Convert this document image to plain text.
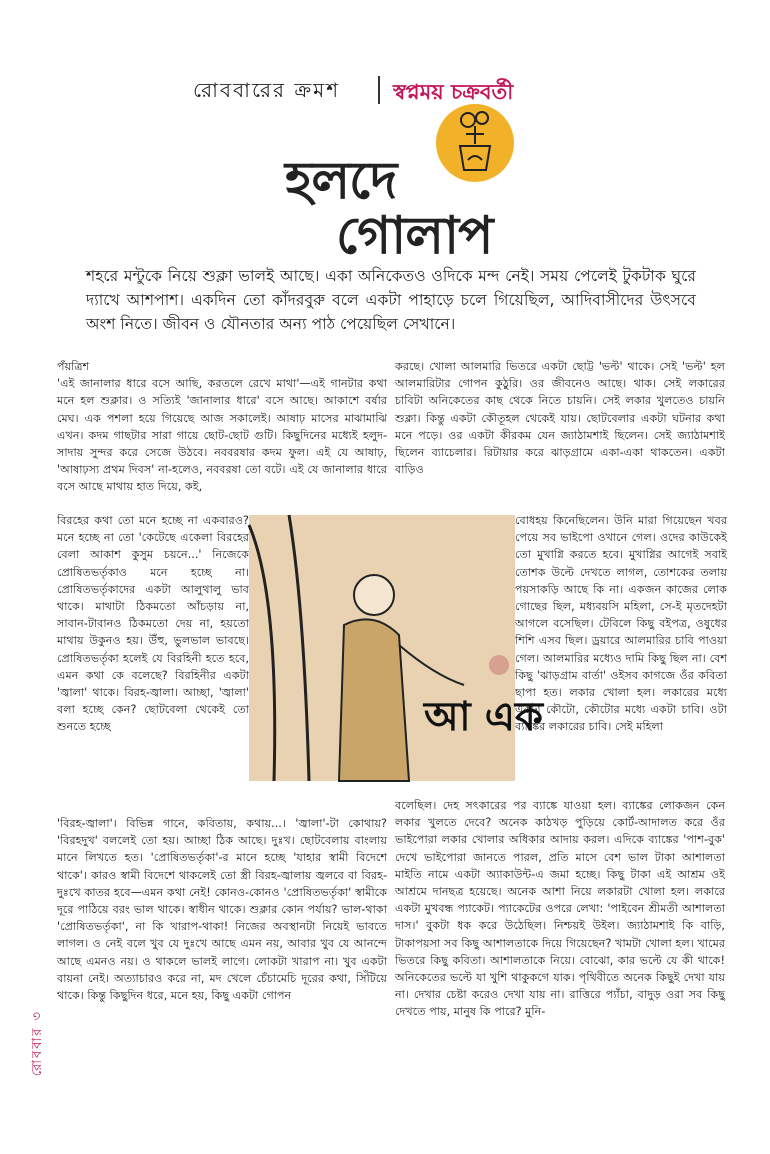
রোববারের ক্রমশ	স্বপ্নময় চক্রবর্তী
হলদে
গোলাপ
শহরে মন্টুকে নিয়ে শুক্লা ভালই আছে। একা অনিকেতও ওদিকে মন্দ নেই। সময় পেলেই টুকটাক ঘুরে দ্যাখে আশপাশ। একদিন তো কাঁদরবুরু বলে একটা পাহাড়ে চলে গিয়েছিল, আদিবাসীদের উৎসবে অংশ নিতে। জীবন ও যৌনতার অন্য পাঠ পেয়েছিল সেখানে।

পঁয়ত্রিশ

'এই জানালার ধারে বসে আছি, করতলে রেখে মাথা'—এই গানটার কথা মনে হল শুক্লার। ও সত্যিই 'জানালার ধারে' বসে আছে। আকাশে বর্ষার মেঘ। এক পশলা হয়ে গিয়েছে আজ সকালেই। আষাঢ় মাসের মাঝামাঝি এখন। কদম গাছটার সারা গায়ে ছোট-ছোট গুটি। কিছুদিনের মধ্যেই হলুদ-সাদায় সুন্দর করে সেজে উঠবে। নববরষার কদম ফুল। এই যে আষাঢ়, 'আষাঢ়স্য প্রথম দিবস' না-হলেও, নববরষা তো বটে। এই যে জানালার ধারে বসে আছে মাথায় হাত দিয়ে, কই,

বিরহের কথা তো মনে হচ্ছে না একবারও? মনে হচ্ছে না তো 'কেটেছে একেলা বিরহের বেলা আকাশ কুসুম চয়নে...' নিজেকে প্রোষিতভর্তৃকাও মনে হচ্ছে না। প্রোষিতভর্তৃকাদের একটা আলুথালু ভাব থাকে। মাথাটা ঠিকমতো আঁচড়ায় না, সাবান-টাবানও ঠিকমতো দেয় না, হয়তো মাথায় উকুনও হয়। উঁহু, ভুলভাল ভাবছে। প্রোষিতভর্তৃকা হলেই যে বিরহিনী হতে হবে, এমন কথা কে বলেছে? বিরহিনীর একটা 'জ্বালা' থাকে। বিরহ-জ্বালা। আচ্ছা, 'জ্বালা' বলা হচ্ছে কেন? ছোটবেলা থেকেই তো শুনতে হচ্ছে

'বিরহ-জ্বালা'। বিভিন্ন গানে, কবিতায়, কথায়...। 'জ্বালা'-টা কোথায়? 'বিরহদুখ' বললেই তো হয়। আচ্ছা ঠিক আছে। দুঃখ। ছোটবেলায় বাংলায় মানে লিখতে হত। 'প্রোষিতভর্তৃকা'-র মানে হচ্ছে 'যাহার স্বামী বিদেশে থাকে'। কারও স্বামী বিদেশে থাকলেই তো স্ত্রী বিরহ-জ্বালায় জ্বলবে বা বিরহ-দুঃখে কাতর হবে—এমন কথা নেই! কোনও-কোনও 'প্রোষিতভর্তৃকা' স্বামীকে দূরে পাঠিয়ে বরং ভাল থাকে। স্বাধীন থাকে। শুক্লার কোন পর্যায়? ভাল-থাকা 'প্রোষিতভর্তৃকা', না কি খারাপ-থাকা! নিজের অবস্থানটা নিয়েই ভাবতে লাগল। ও নেই বলে খুব যে দুঃখে আছে এমন নয়, আবার খুব যে আনন্দে আছে এমনও নয়। ও থাকলে ভালই লাগে। লোকটা খারাপ না। খুব একটা বায়না নেই। অত্যাচারও করে না, মদ খেলে চেঁচামেচি দূরের কথা, সিঁটিয়ে থাকে। কিন্তু কিছুদিন ধরে, মনে হয়, কিছু একটা গোপন

করছে। খোলা আলমারি ভিতরে একটা ছোট্ট 'ভল্ট' থাকে। সেই 'ভল্ট' হল আলমারিটার গোপন কুঠুরি। ওর জীবনেও আছে। থাক। সেই লকারের চাবিটা অনিকেতের কাছ থেকে নিতে চায়নি। সেই লকার খুলতেও চায়নি শুক্লা। কিন্তু একটা কৌতূহল থেকেই যায়। ছোটবেলার একটা ঘটনার কথা মনে পড়ে। ওর একটা কীরকম যেন জ্যাঠামশাই ছিলেন। সেই জ্যাঠামশাই ছিলেন ব্যাচেলার। রিটায়ার করে ঝাড়গ্রামে একা-একা থাকতেন। একটা বাড়িও

বোধহয় কিনেছিলেন। উনি মারা গিয়েছেন খবর পেয়ে সব ভাইপো ওখানে গেল। ওদের কাউকেই তো মুখাগ্নি করতে হবে। মুখাগ্নির আগেই সবাই তোশক উল্টে দেখতে লাগল, তোশকের তলায় পয়সাকড়ি আছে কি না। একজন কাজের লোক গোছের ছিল, মধ্যবয়সি মহিলা, সে-ই মৃতদেহটা আগলে বসেছিল। টেবিলে কিছু বইপত্র, ওষুধের শিশি এসব ছিল। ড্রয়ারে আলমারির চাবি পাওয়া গেল। আলমারির মধ্যেও দামি কিছু ছিল না। বেশ কিছু 'ঝাড়গ্রাম বার্তা' ওইসব কাগজে ওঁর কবিতা ছাপা হত। লকার খোলা হল। লকারের মধ্যে একটা কৌটো, কৌটোর মধ্যে একটা চাবি। ওটা ব্যাঙ্কের লকারের চাবি। সেই মহিলা

বলেছিল। দেহ সৎকারের পর ব্যাঙ্কে যাওয়া হল। ব্যাঙ্কের লোকজন কেন লকার খুলতে দেবে? অনেক কাঠখড় পুড়িয়ে কোর্ট-আদালত করে ওঁর ভাইপোরা লকার খোলার অধিকার আদায় করল। এদিকে ব্যাঙ্কের 'পাশ-বুক' দেখে ভাইপোরা জানতে পারল, প্রতি মাসে বেশ ভাল টাকা আশালতা মাইতি নামে একটা অ্যাকাউন্ট-এ জমা হচ্ছে। কিছু টাকা এই আশ্রম ওই আশ্রমে দানছত্র হয়েছে। অনেক আশা নিয়ে লকারটা খোলা হল। লকারে একটা মুখবন্ধ প্যাকেট। প্যাকেটের ওপরে লেখা: 'পাইবেন শ্রীমতী আশালতা দাস।' বুকটা ধক করে উঠেছিল। নিশ্চয়ই উইল। জ্যাঠামশাই কি বাড়ি, টাকাপয়সা সব কিছু আশালতাকে দিয়ে গিয়েছেন? খামটা খোলা হল। খামের ভিতরে কিছু কবিতা। আশালতাকে নিয়ে। বোঝো, কার ভল্টে যে কী থাকে! অনিকেতের ভল্টে যা খুশি থাকুকগে যাক। পৃথিবীতে অনেক কিছুই দেখা যায় না। দেখার চেষ্টা করেও দেখা যায় না। রাত্তিরে প্যাঁচা, বাদুড় ওরা সব কিছু দেখতে পায়, মানুষ কি পারে? মুনি-

আ এক
রোববার ৩
